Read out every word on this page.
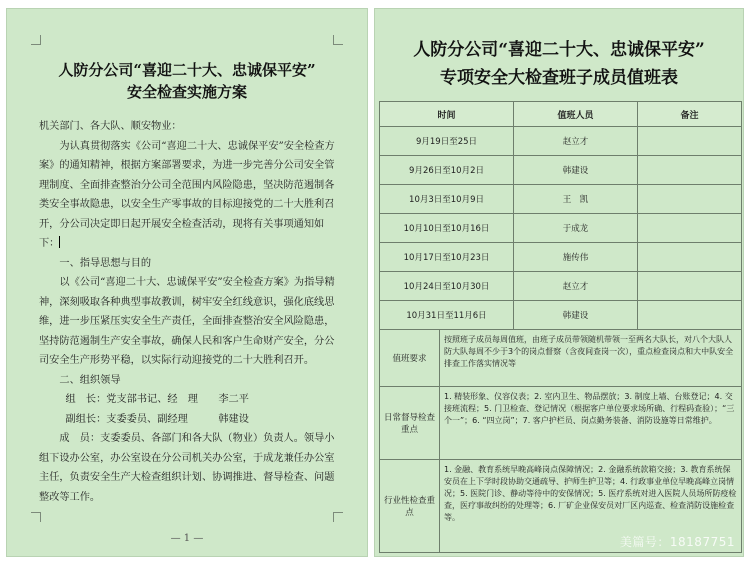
人防分公司“喜迎二十大、忠诚保平安”
安全检查实施方案

机关部门、各大队、顺安物业：

为认真贯彻落实《公司“喜迎二十大、忠诚保平安”安全检查方案》的通知精神，根据方案部署要求，为进一步完善分公司安全管理制度、全面排查整治分公司全范围内风险隐患，坚决防范遏制各类安全事故隐患，以安全生产零事故的目标迎接党的二十大胜利召开，分公司决定即日起开展安全检查活动，现将有关事项通知如下：

一、指导思想与目的

以《公司“喜迎二十大、忠诚保平安”安全检查方案》为指导精神，深刻吸取各种典型事故教训，树牢安全红线意识，强化底线思维，进一步压紧压实安全生产责任，全面排查整治安全风险隐患，坚持防范遏制生产安全事故，确保人民和客户生命财产安全，分公司安全生产形势平稳，以实际行动迎接党的二十大胜利召开。

二、组织领导

组　长：党支部书记、经　理　　李二平

副组长：支委委员、副经理　　　韩建设

成　员：支委委员、各部门和各大队（物业）负责人。领导小组下设办公室，办公室设在分公司机关办公室，于成龙兼任办公室主任，负责安全生产大检查组织计划、协调推进、督导检查、问题整改等工作。

— 1 —
人防分公司“喜迎二十大、忠诚保平安”
专项安全大检查班子成员值班表
时间		值班人员	备注
9月19日至25日		赵立才	
9月26日至10月2日		韩建设	
10月3日至10月9日		王　凯	
10月10日至10月16日		于成龙	
10月17日至10月23日		施传伟	
10月24日至10月30日		赵立才	
10月31日至11月6日		韩建设	
值班要求	按照班子成员每周值班，由班子成员带领随机带领一至两名大队长，对八个大队人防大队每周不少于3个的岗点督察（含夜间查岗一次），重点检查岗点和大中队安全排查工作落实情况等		
日常督导检查重点	1. 精装形象、仪容仪表；2. 室内卫生、物品摆放；3. 制度上墙、台账登记；4. 交接班流程；5. 门卫检查、登记情况（根据客户单位要求场所确、行程码查验）；“三个一”；6. “四立岗”；7. 客户护栏员、岗点勤务装备、消防设施等日常维护。		
行业性检查重点	1. 金融、教育系统早晚高峰岗点保障情况；2. 金融系统款箱交接；3. 教育系统保安员在上下学时段协助交通疏导、护师生护卫等；4. 行政事业单位早晚高峰立岗情况；5. 医院门诊、静动等待中的安保情况；5. 医疗系统对进入医院人员场所防疫检查，医疗事故纠纷的处理等；6. 厂矿企业保安员对厂区内巡查、检查消防设施检查等。		
美篇号：18187751
